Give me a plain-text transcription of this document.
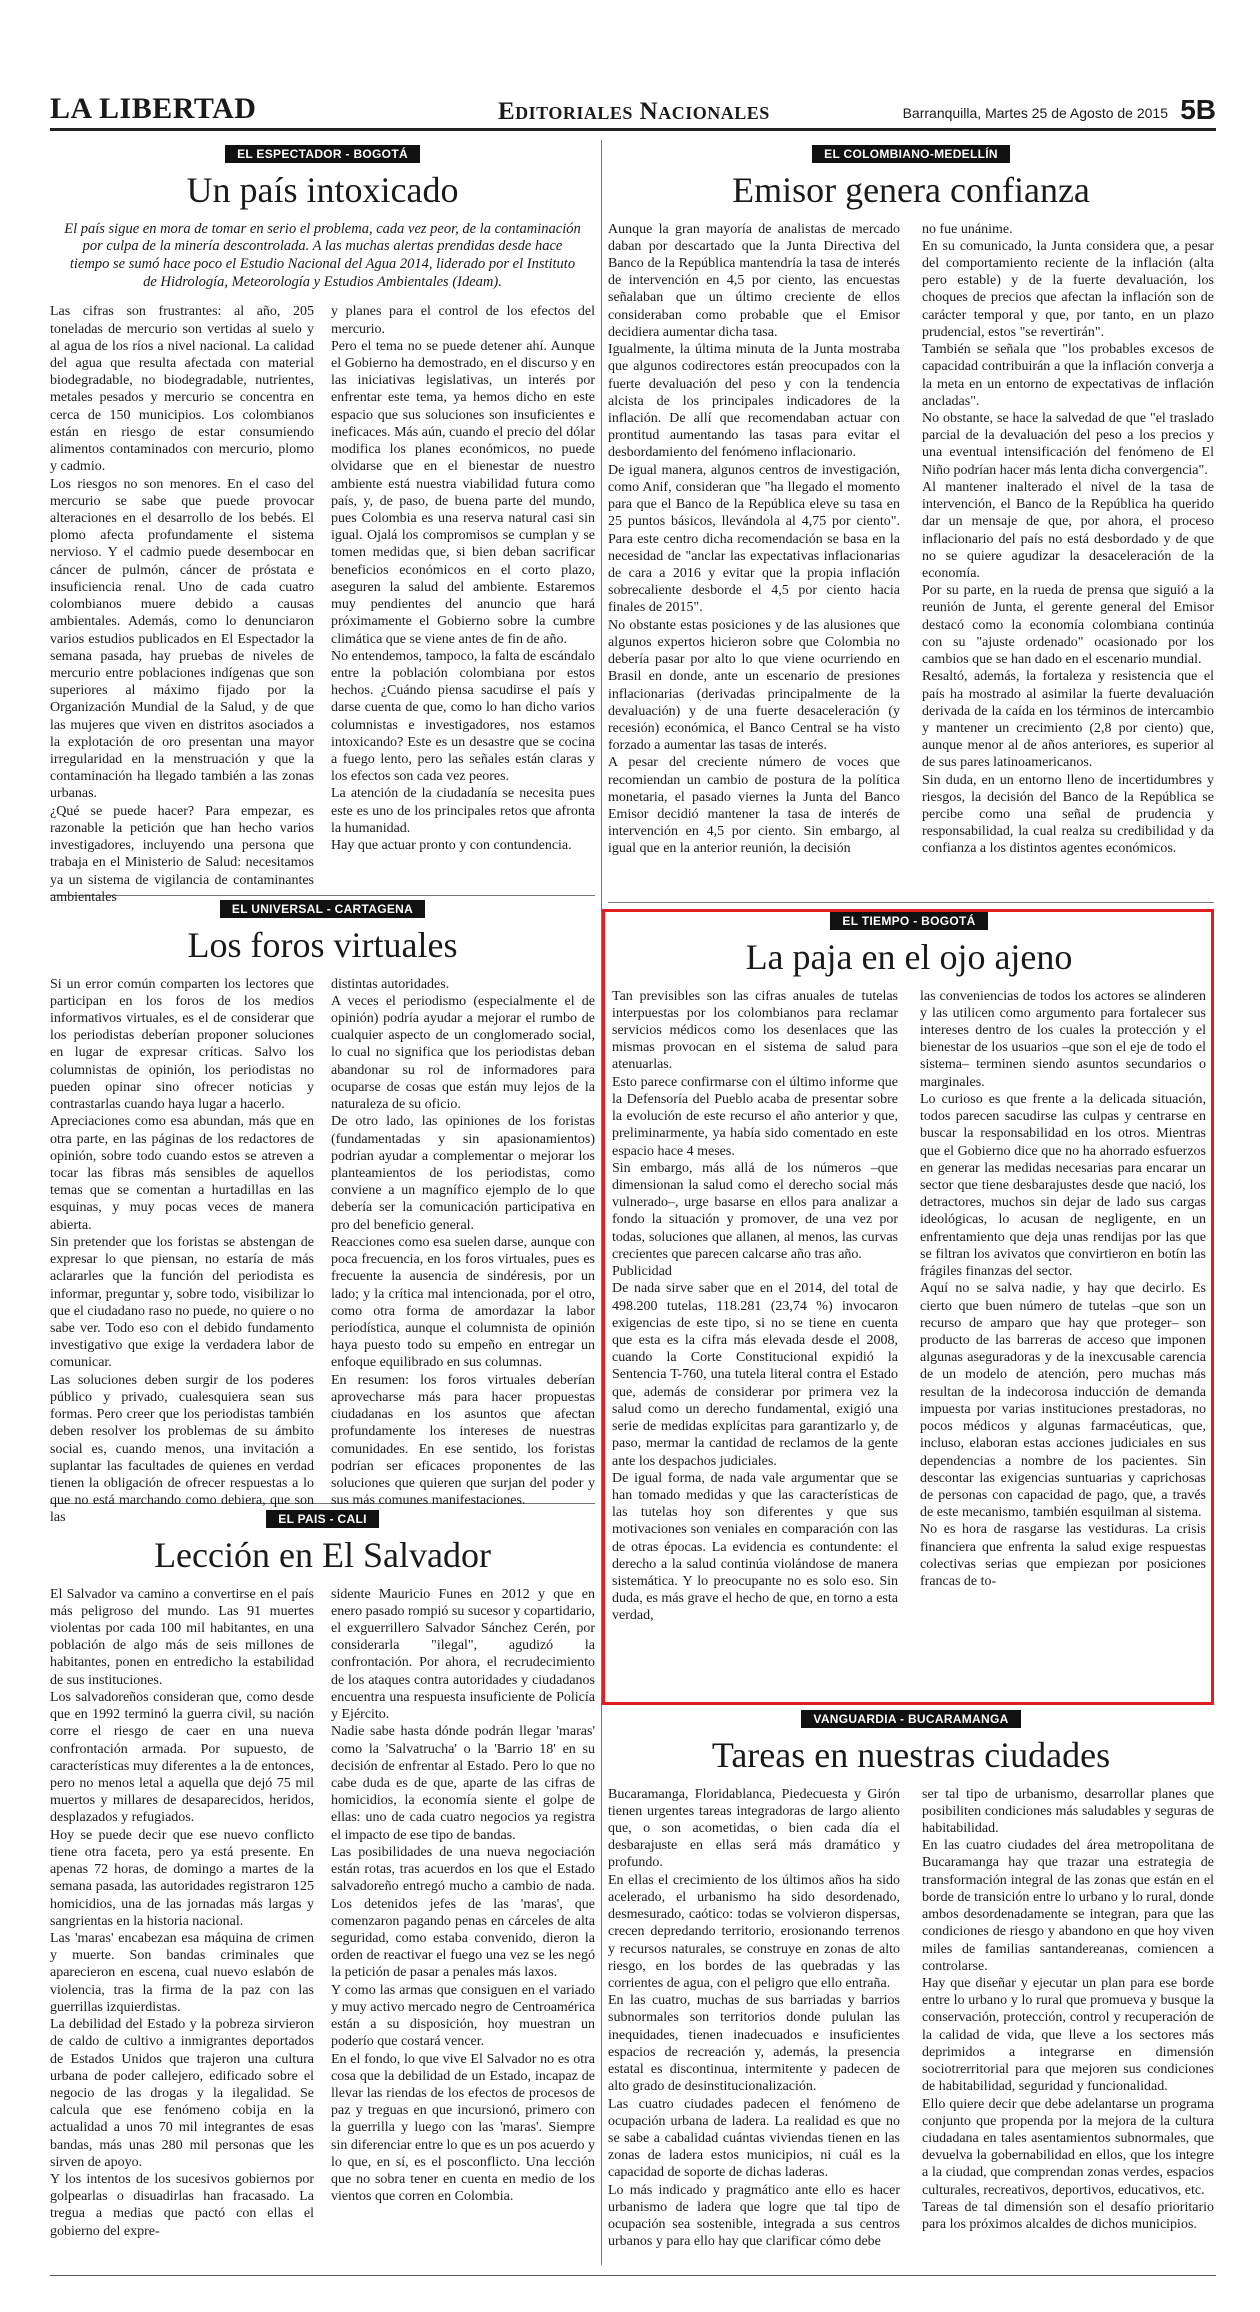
LA LIBERTAD	Editoriales Nacionales	Barranquilla, Martes 25 de Agosto de 2015 5B
EL ESPECTADOR - BOGOTÁ
Un país intoxicado
El país sigue en mora de tomar en serio el problema, cada vez peor, de la contaminación por culpa de la minería descontrolada. A las muchas alertas prendidas desde hace tiempo se sumó hace poco el Estudio Nacional del Agua 2014, liderado por el Instituto de Hidrología, Meteorología y Estudios Ambientales (Ideam).

Las cifras son frustrantes: al año, 205 toneladas de mercurio son vertidas al suelo y al agua de los ríos a nivel nacional. La calidad del agua que resulta afectada con material biodegradable, no biodegradable, nutrientes, metales pesados y mercurio se concentra en cerca de 150 municipios. Los colombianos están en riesgo de estar consumiendo alimentos contaminados con mercurio, plomo y cadmio.

Los riesgos no son menores. En el caso del mercurio se sabe que puede provocar alteraciones en el desarrollo de los bebés. El plomo afecta profundamente el sistema nervioso. Y el cadmio puede desembocar en cáncer de pulmón, cáncer de próstata e insuficiencia renal. Uno de cada cuatro colombianos muere debido a causas ambientales. Además, como lo denunciaron varios estudios publicados en El Espectador la semana pasada, hay pruebas de niveles de mercurio entre poblaciones indígenas que son superiores al máximo fijado por la Organización Mundial de la Salud, y de que las mujeres que viven en distritos asociados a la explotación de oro presentan una mayor irregularidad en la menstruación y que la contaminación ha llegado también a las zonas urbanas.

¿Qué se puede hacer? Para empezar, es razonable la petición que han hecho varios investigadores, incluyendo una persona que trabaja en el Ministerio de Salud: necesitamos ya un sistema de vigilancia de contaminantes ambientales

y planes para el control de los efectos del mercurio.

Pero el tema no se puede detener ahí. Aunque el Gobierno ha demostrado, en el discurso y en las iniciativas legislativas, un interés por enfrentar este tema, ya hemos dicho en este espacio que sus soluciones son insuficientes e ineficaces. Más aún, cuando el precio del dólar modifica los planes económicos, no puede olvidarse que en el bienestar de nuestro ambiente está nuestra viabilidad futura como país, y, de paso, de buena parte del mundo, pues Colombia es una reserva natural casi sin igual. Ojalá los compromisos se cumplan y se tomen medidas que, si bien deban sacrificar beneficios económicos en el corto plazo, aseguren la salud del ambiente. Estaremos muy pendientes del anuncio que hará próximamente el Gobierno sobre la cumbre climática que se viene antes de fin de año.

No entendemos, tampoco, la falta de escándalo entre la población colombiana por estos hechos. ¿Cuándo piensa sacudirse el país y darse cuenta de que, como lo han dicho varios columnistas e investigadores, nos estamos intoxicando? Este es un desastre que se cocina a fuego lento, pero las señales están claras y los efectos son cada vez peores.

La atención de la ciudadanía se necesita pues este es uno de los principales retos que afronta la humanidad.

Hay que actuar pronto y con contundencia.

EL COLOMBIANO-MEDELLÍN
Emisor genera confianza

Aunque la gran mayoría de analistas de mercado daban por descartado que la Junta Directiva del Banco de la República mantendría la tasa de interés de intervención en 4,5 por ciento, las encuestas señalaban que un último creciente de ellos consideraban como probable que el Emisor decidiera aumentar dicha tasa.

Igualmente, la última minuta de la Junta mostraba que algunos codirectores están preocupados con la fuerte devaluación del peso y con la tendencia alcista de los principales indicadores de la inflación. De allí que recomendaban actuar con prontitud aumentando las tasas para evitar el desbordamiento del fenómeno inflacionario.

De igual manera, algunos centros de investigación, como Anif, consideran que "ha llegado el momento para que el Banco de la República eleve su tasa en 25 puntos básicos, llevándola al 4,75 por ciento". Para este centro dicha recomendación se basa en la necesidad de "anclar las expectativas inflacionarias de cara a 2016 y evitar que la propia inflación sobrecaliente desborde el 4,5 por ciento hacia finales de 2015".

No obstante estas posiciones y de las alusiones que algunos expertos hicieron sobre que Colombia no debería pasar por alto lo que viene ocurriendo en Brasil en donde, ante un escenario de presiones inflacionarias (derivadas principalmente de la devaluación) y de una fuerte desaceleración (y recesión) económica, el Banco Central se ha visto forzado a aumentar las tasas de interés.

A pesar del creciente número de voces que recomiendan un cambio de postura de la política monetaria, el pasado viernes la Junta del Banco Emisor decidió mantener la tasa de interés de intervención en 4,5 por ciento. Sin embargo, al igual que en la anterior reunión, la decisión

no fue unánime.

En su comunicado, la Junta considera que, a pesar del comportamiento reciente de la inflación (alta pero estable) y de la fuerte devaluación, los choques de precios que afectan la inflación son de carácter temporal y que, por tanto, en un plazo prudencial, estos "se revertirán".

También se señala que "los probables excesos de capacidad contribuirán a que la inflación converja a la meta en un entorno de expectativas de inflación ancladas".

No obstante, se hace la salvedad de que "el traslado parcial de la devaluación del peso a los precios y una eventual intensificación del fenómeno de El Niño podrían hacer más lenta dicha convergencia".

Al mantener inalterado el nivel de la tasa de intervención, el Banco de la República ha querido dar un mensaje de que, por ahora, el proceso inflacionario del país no está desbordado y de que no se quiere agudizar la desaceleración de la economía.

Por su parte, en la rueda de prensa que siguió a la reunión de Junta, el gerente general del Emisor destacó como la economía colombiana continúa con su "ajuste ordenado" ocasionado por los cambios que se han dado en el escenario mundial.

Resaltó, además, la fortaleza y resistencia que el país ha mostrado al asimilar la fuerte devaluación derivada de la caída en los términos de intercambio y mantener un crecimiento (2,8 por ciento) que, aunque menor al de años anteriores, es superior al de sus pares latinoamericanos.

Sin duda, en un entorno lleno de incertidumbres y riesgos, la decisión del Banco de la República se percibe como una señal de prudencia y responsabilidad, la cual realza su credibilidad y da confianza a los distintos agentes económicos.

EL UNIVERSAL - CARTAGENA
Los foros virtuales

Si un error común comparten los lectores que participan en los foros de los medios informativos virtuales, es el de considerar que los periodistas deberían proponer soluciones en lugar de expresar críticas. Salvo los columnistas de opinión, los periodistas no pueden opinar sino ofrecer noticias y contrastarlas cuando haya lugar a hacerlo.

Apreciaciones como esa abundan, más que en otra parte, en las páginas de los redactores de opinión, sobre todo cuando estos se atreven a tocar las fibras más sensibles de aquellos temas que se comentan a hurtadillas en las esquinas, y muy pocas veces de manera abierta.

Sin pretender que los foristas se abstengan de expresar lo que piensan, no estaría de más aclararles que la función del periodista es informar, preguntar y, sobre todo, visibilizar lo que el ciudadano raso no puede, no quiere o no sabe ver. Todo eso con el debido fundamento investigativo que exige la verdadera labor de comunicar.

Las soluciones deben surgir de los poderes público y privado, cualesquiera sean sus formas. Pero creer que los periodistas también deben resolver los problemas de su ámbito social es, cuando menos, una invitación a suplantar las facultades de quienes en verdad tienen la obligación de ofrecer respuestas a lo que no está marchando como debiera, que son las

distintas autoridades.

A veces el periodismo (especialmente el de opinión) podría ayudar a mejorar el rumbo de cualquier aspecto de un conglomerado social, lo cual no significa que los periodistas deban abandonar su rol de informadores para ocuparse de cosas que están muy lejos de la naturaleza de su oficio.

De otro lado, las opiniones de los foristas (fundamentadas y sin apasionamientos) podrían ayudar a complementar o mejorar los planteamientos de los periodistas, como conviene a un magnífico ejemplo de lo que debería ser la comunicación participativa en pro del beneficio general.

Reacciones como esa suelen darse, aunque con poca frecuencia, en los foros virtuales, pues es frecuente la ausencia de sindéresis, por un lado; y la crítica mal intencionada, por el otro, como otra forma de amordazar la labor periodística, aunque el columnista de opinión haya puesto todo su empeño en entregar un enfoque equilibrado en sus columnas.

En resumen: los foros virtuales deberían aprovecharse más para hacer propuestas ciudadanas en los asuntos que afectan profundamente los intereses de nuestras comunidades. En ese sentido, los foristas podrían ser eficaces proponentes de las soluciones que quieren que surjan del poder y sus más comunes manifestaciones.

EL TIEMPO - BOGOTÁ
La paja en el ojo ajeno

Tan previsibles son las cifras anuales de tutelas interpuestas por los colombianos para reclamar servicios médicos como los desenlaces que las mismas provocan en el sistema de salud para atenuarlas.

Esto parece confirmarse con el último informe que la Defensoría del Pueblo acaba de presentar sobre la evolución de este recurso el año anterior y que, preliminarmente, ya había sido comentado en este espacio hace 4 meses.

Sin embargo, más allá de los números –que dimensionan la salud como el derecho social más vulnerado–, urge basarse en ellos para analizar a fondo la situación y promover, de una vez por todas, soluciones que allanen, al menos, las curvas crecientes que parecen calcarse año tras año.

Publicidad

De nada sirve saber que en el 2014, del total de 498.200 tutelas, 118.281 (23,74 %) invocaron exigencias de este tipo, si no se tiene en cuenta que esta es la cifra más elevada desde el 2008, cuando la Corte Constitucional expidió la Sentencia T-760, una tutela literal contra el Estado que, además de considerar por primera vez la salud como un derecho fundamental, exigió una serie de medidas explícitas para garantizarlo y, de paso, mermar la cantidad de reclamos de la gente ante los despachos judiciales.

De igual forma, de nada vale argumentar que se han tomado medidas y que las características de las tutelas hoy son diferentes y que sus motivaciones son veniales en comparación con las de otras épocas. La evidencia es contundente: el derecho a la salud continúa violándose de manera sistemática. Y lo preocupante no es solo eso. Sin duda, es más grave el hecho de que, en torno a esta verdad,

las conveniencias de todos los actores se alinderen y las utilicen como argumento para fortalecer sus intereses dentro de los cuales la protección y el bienestar de los usuarios –que son el eje de todo el sistema– terminen siendo asuntos secundarios o marginales.

Lo curioso es que frente a la delicada situación, todos parecen sacudirse las culpas y centrarse en buscar la responsabilidad en los otros. Mientras que el Gobierno dice que no ha ahorrado esfuerzos en generar las medidas necesarias para encarar un sector que tiene desbarajustes desde que nació, los detractores, muchos sin dejar de lado sus cargas ideológicas, lo acusan de negligente, en un enfrentamiento que deja unas rendijas por las que se filtran los avivatos que convirtieron en botín las frágiles finanzas del sector.

Aquí no se salva nadie, y hay que decirlo. Es cierto que buen número de tutelas –que son un recurso de amparo que hay que proteger– son producto de las barreras de acceso que imponen algunas aseguradoras y de la inexcusable carencia de un modelo de atención, pero muchas más resultan de la indecorosa inducción de demanda impuesta por varias instituciones prestadoras, no pocos médicos y algunas farmacéuticas, que, incluso, elaboran estas acciones judiciales en sus dependencias a nombre de los pacientes. Sin descontar las exigencias suntuarias y caprichosas de personas con capacidad de pago, que, a través de este mecanismo, también esquilman al sistema.

No es hora de rasgarse las vestiduras. La crisis financiera que enfrenta la salud exige respuestas colectivas serias que empiezan por posiciones francas de to-

EL PAIS - CALI
Lección en El Salvador

El Salvador va camino a convertirse en el país más peligroso del mundo. Las 91 muertes violentas por cada 100 mil habitantes, en una población de algo más de seis millones de habitantes, ponen en entredicho la estabilidad de sus instituciones.

Los salvadoreños consideran que, como desde que en 1992 terminó la guerra civil, su nación corre el riesgo de caer en una nueva confrontación armada. Por supuesto, de características muy diferentes a la de entonces, pero no menos letal a aquella que dejó 75 mil muertos y millares de desaparecidos, heridos, desplazados y refugiados.

Hoy se puede decir que ese nuevo conflicto tiene otra faceta, pero ya está presente. En apenas 72 horas, de domingo a martes de la semana pasada, las autoridades registraron 125 homicidios, una de las jornadas más largas y sangrientas en la historia nacional.

Las 'maras' encabezan esa máquina de crimen y muerte. Son bandas criminales que aparecieron en escena, cual nuevo eslabón de violencia, tras la firma de la paz con las guerrillas izquierdistas.

La debilidad del Estado y la pobreza sirvieron de caldo de cultivo a inmigrantes deportados de Estados Unidos que trajeron una cultura urbana de poder callejero, edificado sobre el negocio de las drogas y la ilegalidad. Se calcula que ese fenómeno cobija en la actualidad a unos 70 mil integrantes de esas bandas, más unas 280 mil personas que les sirven de apoyo.

Y los intentos de los sucesivos gobiernos por golpearlas o disuadirlas han fracasado. La tregua a medias que pactó con ellas el gobierno del expre-

sidente Mauricio Funes en 2012 y que en enero pasado rompió su sucesor y copartidario, el exguerrillero Salvador Sánchez Cerén, por considerarla "ilegal", agudizó la confrontación. Por ahora, el recrudecimiento de los ataques contra autoridades y ciudadanos encuentra una respuesta insuficiente de Policía y Ejército.

Nadie sabe hasta dónde podrán llegar 'maras' como la 'Salvatrucha' o la 'Barrio 18' en su decisión de enfrentar al Estado. Pero lo que no cabe duda es de que, aparte de las cifras de homicidios, la economía siente el golpe de ellas: uno de cada cuatro negocios ya registra el impacto de ese tipo de bandas.

Las posibilidades de una nueva negociación están rotas, tras acuerdos en los que el Estado salvadoreño entregó mucho a cambio de nada. Los detenidos jefes de las 'maras', que comenzaron pagando penas en cárceles de alta seguridad, como estaba convenido, dieron la orden de reactivar el fuego una vez se les negó la petición de pasar a penales más laxos.

Y como las armas que consiguen en el variado y muy activo mercado negro de Centroamérica están a su disposición, hoy muestran un poderío que costará vencer.

En el fondo, lo que vive El Salvador no es otra cosa que la debilidad de un Estado, incapaz de llevar las riendas de los efectos de procesos de paz y treguas en que incursionó, primero con la guerrilla y luego con las 'maras'. Siempre sin diferenciar entre lo que es un pos acuerdo y lo que, en sí, es el posconflicto. Una lección que no sobra tener en cuenta en medio de los vientos que corren en Colombia.

VANGUARDIA - BUCARAMANGA
Tareas en nuestras ciudades

Bucaramanga, Floridablanca, Piedecuesta y Girón tienen urgentes tareas integradoras de largo aliento que, o son acometidas, o bien cada día el desbarajuste en ellas será más dramático y profundo.

En ellas el crecimiento de los últimos años ha sido acelerado, el urbanismo ha sido desordenado, desmesurado, caótico: todas se volvieron dispersas, crecen depredando territorio, erosionando terrenos y recursos naturales, se construye en zonas de alto riesgo, en los bordes de las quebradas y las corrientes de agua, con el peligro que ello entraña.

En las cuatro, muchas de sus barriadas y barrios subnormales son territorios donde pululan las inequidades, tienen inadecuados e insuficientes espacios de recreación y, además, la presencia estatal es discontinua, intermitente y padecen de alto grado de desinstitucionalización.

Las cuatro ciudades padecen el fenómeno de ocupación urbana de ladera. La realidad es que no se sabe a cabalidad cuántas viviendas tienen en las zonas de ladera estos municipios, ni cuál es la capacidad de soporte de dichas laderas.

Lo más indicado y pragmático ante ello es hacer urbanismo de ladera que logre que tal tipo de ocupación sea sostenible, integrada a sus centros urbanos y para ello hay que clarificar cómo debe

ser tal tipo de urbanismo, desarrollar planes que posibiliten condiciones más saludables y seguras de habitabilidad.

En las cuatro ciudades del área metropolitana de Bucaramanga hay que trazar una estrategia de transformación integral de las zonas que están en el borde de transición entre lo urbano y lo rural, donde ambos desordenadamente se integran, para que las condiciones de riesgo y abandono en que hoy viven miles de familias santandereanas, comiencen a controlarse.

Hay que diseñar y ejecutar un plan para ese borde entre lo urbano y lo rural que promueva y busque la conservación, protección, control y recuperación de la calidad de vida, que lleve a los sectores más deprimidos a integrarse en dimensión sociotrerritorial para que mejoren sus condiciones de habitabilidad, seguridad y funcionalidad.

Ello quiere decir que debe adelantarse un programa conjunto que propenda por la mejora de la cultura ciudadana en tales asentamientos subnormales, que devuelva la gobernabilidad en ellos, que los integre a la ciudad, que comprendan zonas verdes, espacios culturales, recreativos, deportivos, educativos, etc.

Tareas de tal dimensión son el desafío prioritario para los próximos alcaldes de dichos municipios.
